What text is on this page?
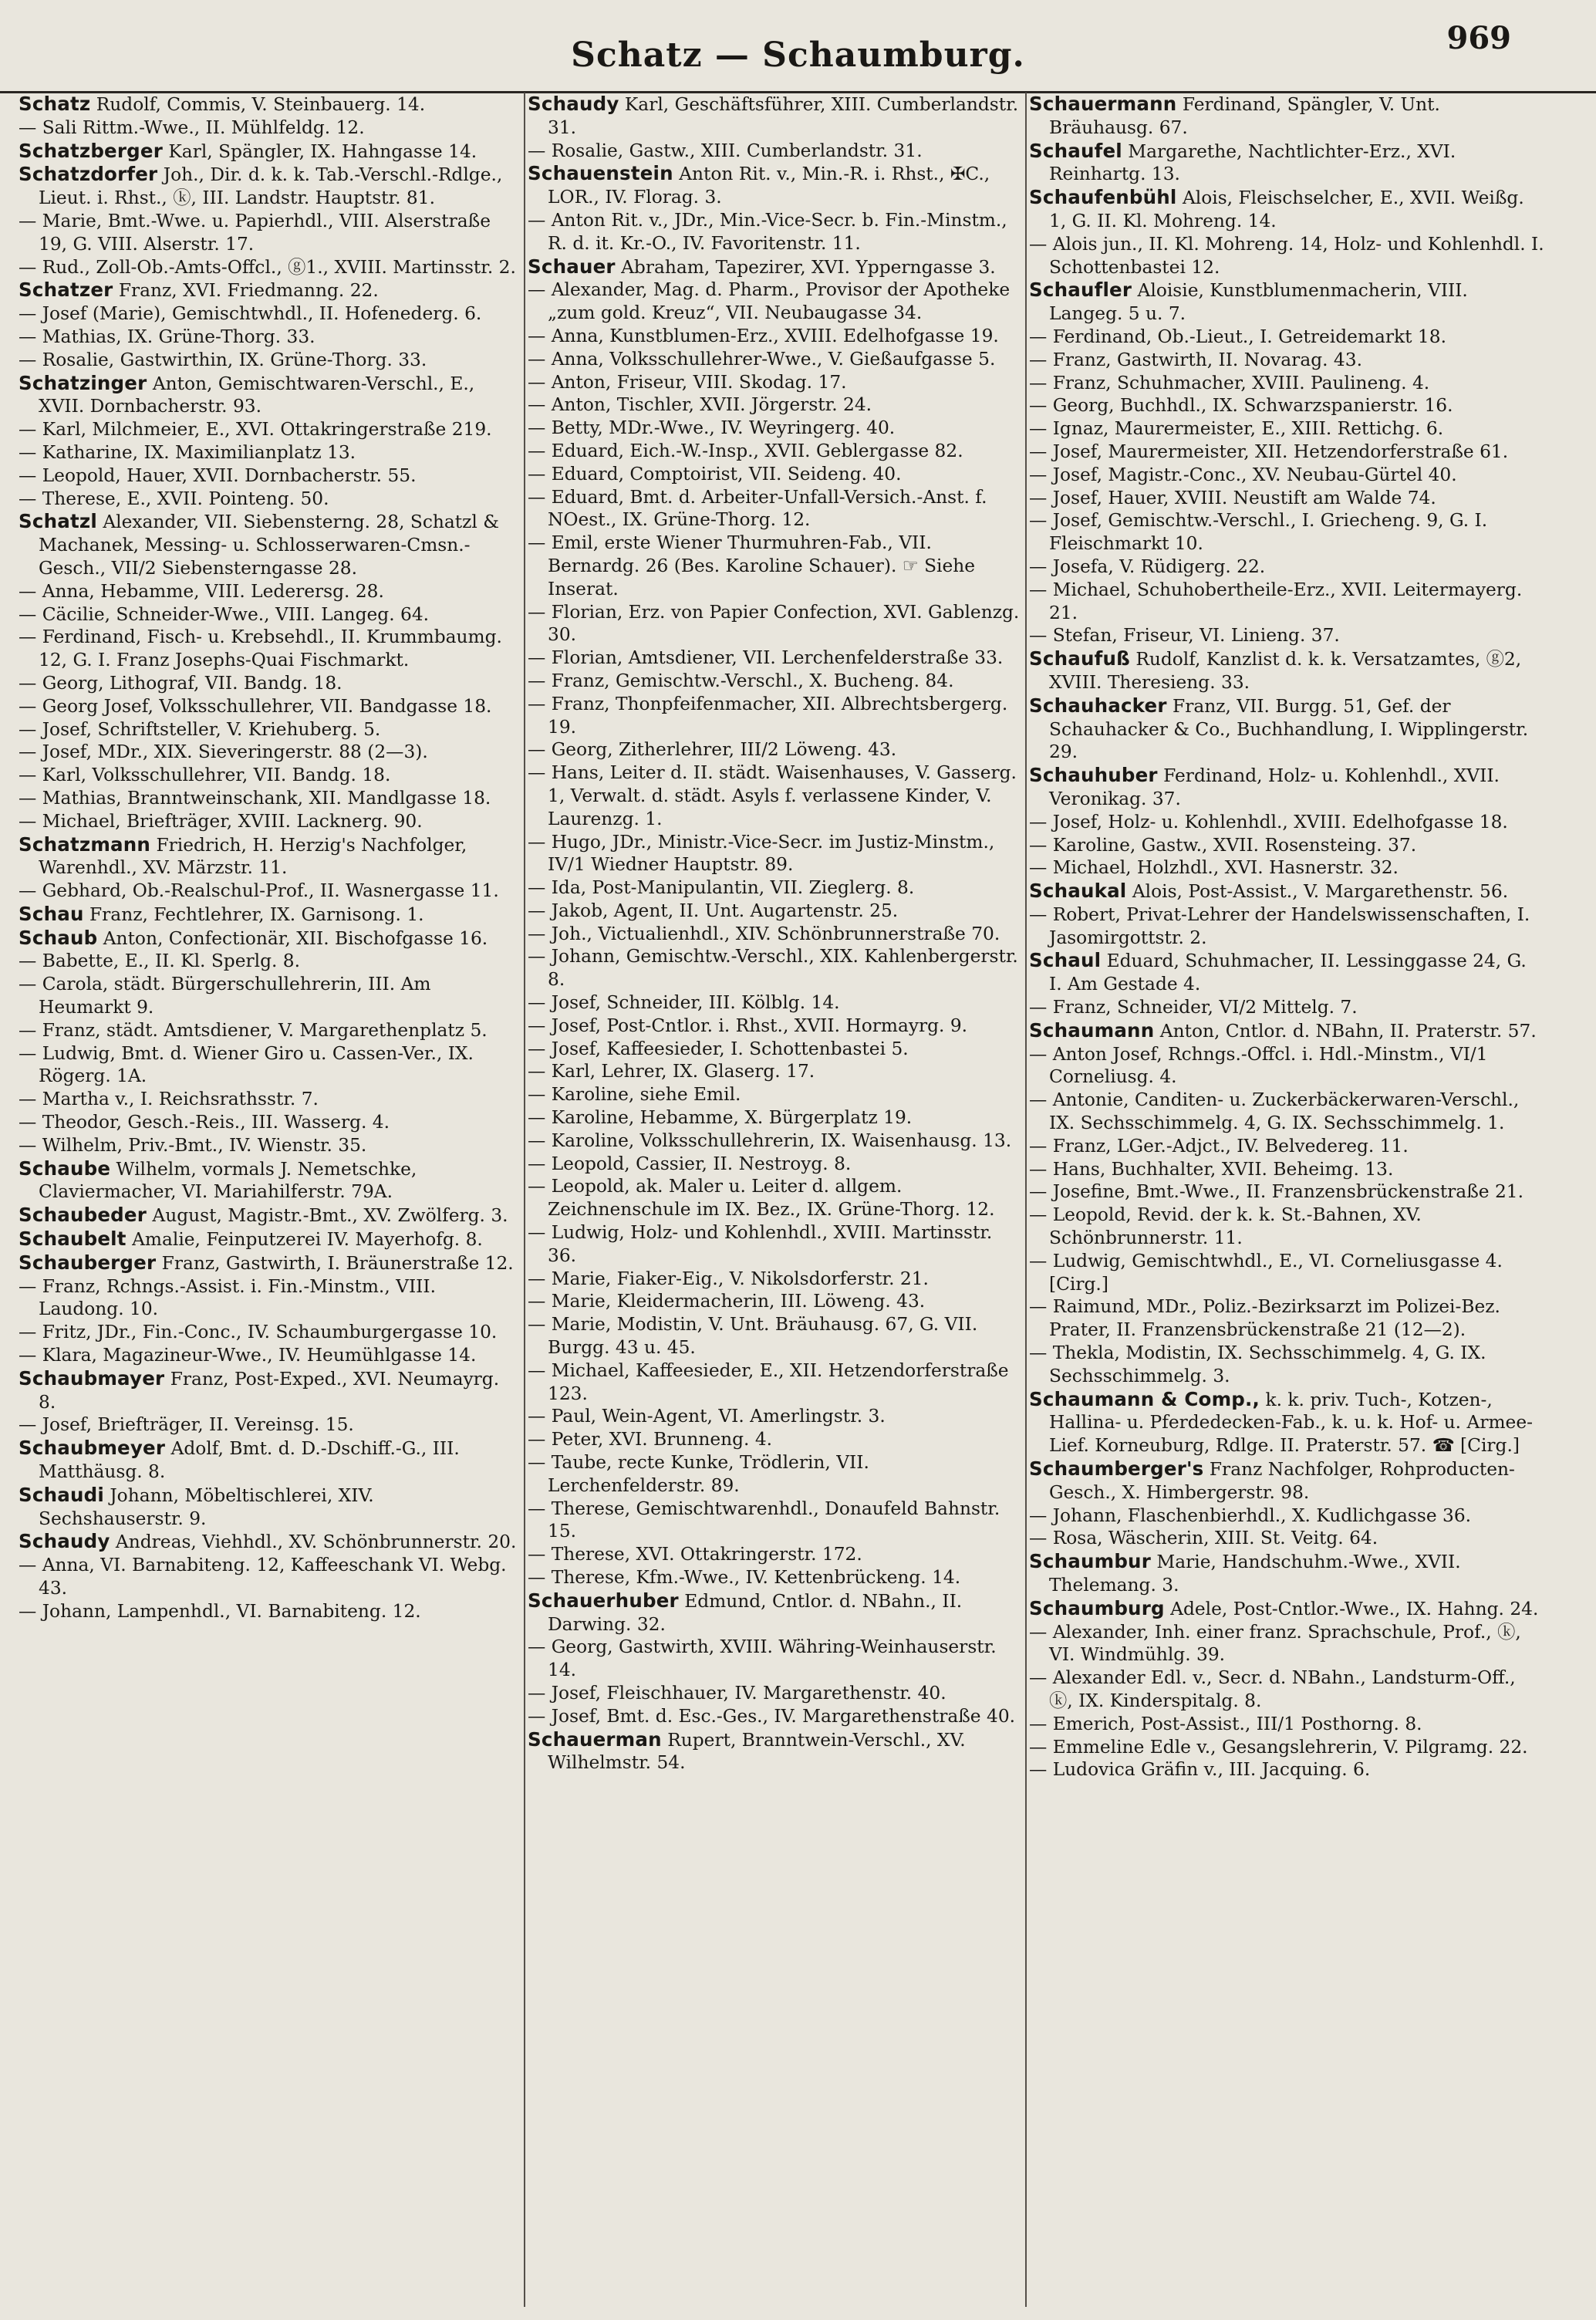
Schatz — Schaumburg.	969
Schatz Rudolf, Commis, V. Steinbauerg. 14.
— Sali Rittm.-Wwe., II. Mühlfeldg. 12.
Schatzberger Karl, Spängler, IX. Hahngasse 14.
Schatzdorfer Joh., Dir. d. k. k. Tab.-Verschl.-Rdlge., Lieut. i. Rhst., ⓚ, III. Landstr. Hauptstr. 81.
— Marie, Bmt.-Wwe. u. Papierhdl., VIII. Alserstraße 19, G. VIII. Alserstr. 17.
— Rud., Zoll-Ob.-Amts-Offcl., ⓖ1., XVIII. Martinsstr. 2.
Schatzer Franz, XVI. Friedmanng. 22.
— Josef (Marie), Gemischtwhdl., II. Hofenederg. 6.
— Mathias, IX. Grüne-Thorg. 33.
— Rosalie, Gastwirthin, IX. Grüne-Thorg. 33.
Schatzinger Anton, Gemischtwaren-Verschl., E., XVII. Dornbacherstr. 93.
— Karl, Milchmeier, E., XVI. Ottakringerstraße 219.
— Katharine, IX. Maximilianplatz 13.
— Leopold, Hauer, XVII. Dornbacherstr. 55.
— Therese, E., XVII. Pointeng. 50.
Schatzl Alexander, VII. Siebensterng. 28, Schatzl & Machanek, Messing- u. Schlosserwaren-Cmsn.-Gesch., VII/2 Siebensterngasse 28.
— Anna, Hebamme, VIII. Lederersg. 28.
— Cäcilie, Schneider-Wwe., VIII. Langeg. 64.
— Ferdinand, Fisch- u. Krebsehdl., II. Krummbaumg. 12, G. I. Franz Josephs-Quai Fischmarkt.
— Georg, Lithograf, VII. Bandg. 18.
— Georg Josef, Volksschullehrer, VII. Bandgasse 18.
— Josef, Schriftsteller, V. Kriehuberg. 5.
— Josef, MDr., XIX. Sieveringerstr. 88 (2—3).
— Karl, Volksschullehrer, VII. Bandg. 18.
— Mathias, Branntweinschank, XII. Mandlgasse 18.
— Michael, Briefträger, XVIII. Lacknerg. 90.
Schatzmann Friedrich, H. Herzig's Nachfolger, Warenhdl., XV. Märzstr. 11.
— Gebhard, Ob.-Realschul-Prof., II. Wasnergasse 11.
Schau Franz, Fechtlehrer, IX. Garnisong. 1.
Schaub Anton, Confectionär, XII. Bischofgasse 16.
— Babette, E., II. Kl. Sperlg. 8.
— Carola, städt. Bürgerschullehrerin, III. Am Heumarkt 9.
— Franz, städt. Amtsdiener, V. Margarethenplatz 5.
— Ludwig, Bmt. d. Wiener Giro u. Cassen-Ver., IX. Rögerg. 1A.
— Martha v., I. Reichsrathsstr. 7.
— Theodor, Gesch.-Reis., III. Wasserg. 4.
— Wilhelm, Priv.-Bmt., IV. Wienstr. 35.
Schaube Wilhelm, vormals J. Nemetschke, Claviermacher, VI. Mariahilferstr. 79A.
Schaubeder August, Magistr.-Bmt., XV. Zwölferg. 3.
Schaubelt Amalie, Feinputzerei IV. Mayerhofg. 8.
Schauberger Franz, Gastwirth, I. Bräunerstraße 12.
— Franz, Rchngs.-Assist. i. Fin.-Minstm., VIII. Laudong. 10.
— Fritz, JDr., Fin.-Conc., IV. Schaumburgergasse 10.
— Klara, Magazineur-Wwe., IV. Heumühlgasse 14.
Schaubmayer Franz, Post-Exped., XVI. Neumayrg. 8.
— Josef, Briefträger, II. Vereinsg. 15.
Schaubmeyer Adolf, Bmt. d. D.-Dschiff.-G., III. Matthäusg. 8.
Schaudi Johann, Möbeltischlerei, XIV. Sechshauserstr. 9.
Schaudy Andreas, Viehhdl., XV. Schönbrunnerstr. 20.
— Anna, VI. Barnabiteng. 12, Kaffeeschank VI. Webg. 43.
— Johann, Lampenhdl., VI. Barnabiteng. 12.
Schaudy Karl, Geschäftsführer, XIII. Cumberlandstr. 31.
— Rosalie, Gastw., XIII. Cumberlandstr. 31.
Schauenstein Anton Rit. v., Min.-R. i. Rhst., ✠C., LOR., IV. Florag. 3.
— Anton Rit. v., JDr., Min.-Vice-Secr. b. Fin.-Minstm., R. d. it. Kr.-O., IV. Favoritenstr. 11.
Schauer Abraham, Tapezirer, XVI. Ypperngasse 3.
— Alexander, Mag. d. Pharm., Provisor der Apotheke „zum gold. Kreuz“, VII. Neubaugasse 34.
— Anna, Kunstblumen-Erz., XVIII. Edelhofgasse 19.
— Anna, Volksschullehrer-Wwe., V. Gießaufgasse 5.
— Anton, Friseur, VIII. Skodag. 17.
— Anton, Tischler, XVII. Jörgerstr. 24.
— Betty, MDr.-Wwe., IV. Weyringerg. 40.
— Eduard, Eich.-W.-Insp., XVII. Geblergasse 82.
— Eduard, Comptoirist, VII. Seideng. 40.
— Eduard, Bmt. d. Arbeiter-Unfall-Versich.-Anst. f. NOest., IX. Grüne-Thorg. 12.
— Emil, erste Wiener Thurmuhren-Fab., VII. Bernardg. 26 (Bes. Karoline Schauer). ☞ Siehe Inserat.
— Florian, Erz. von Papier Confection, XVI. Gablenzg. 30.
— Florian, Amtsdiener, VII. Lerchenfelderstraße 33.
— Franz, Gemischtw.-Verschl., X. Bucheng. 84.
— Franz, Thonpfeifenmacher, XII. Albrechtsbergerg. 19.
— Georg, Zitherlehrer, III/2 Löweng. 43.
— Hans, Leiter d. II. städt. Waisenhauses, V. Gasserg. 1, Verwalt. d. städt. Asyls f. verlassene Kinder, V. Laurenzg. 1.
— Hugo, JDr., Ministr.-Vice-Secr. im Justiz-Minstm., IV/1 Wiedner Hauptstr. 89.
— Ida, Post-Manipulantin, VII. Zieglerg. 8.
— Jakob, Agent, II. Unt. Augartenstr. 25.
— Joh., Victualienhdl., XIV. Schönbrunnerstraße 70.
— Johann, Gemischtw.-Verschl., XIX. Kahlenbergerstr. 8.
— Josef, Schneider, III. Kölblg. 14.
— Josef, Post-Cntlor. i. Rhst., XVII. Hormayrg. 9.
— Josef, Kaffeesieder, I. Schottenbastei 5.
— Karl, Lehrer, IX. Glaserg. 17.
— Karoline, siehe Emil.
— Karoline, Hebamme, X. Bürgerplatz 19.
— Karoline, Volksschullehrerin, IX. Waisenhausg. 13.
— Leopold, Cassier, II. Nestroyg. 8.
— Leopold, ak. Maler u. Leiter d. allgem. Zeichnenschule im IX. Bez., IX. Grüne-Thorg. 12.
— Ludwig, Holz- und Kohlenhdl., XVIII. Martinsstr. 36.
— Marie, Fiaker-Eig., V. Nikolsdorferstr. 21.
— Marie, Kleidermacherin, III. Löweng. 43.
— Marie, Modistin, V. Unt. Bräuhausg. 67, G. VII. Burgg. 43 u. 45.
— Michael, Kaffeesieder, E., XII. Hetzendorferstraße 123.
— Paul, Wein-Agent, VI. Amerlingstr. 3.
— Peter, XVI. Brunneng. 4.
— Taube, recte Kunke, Trödlerin, VII. Lerchenfelderstr. 89.
— Therese, Gemischtwarenhdl., Donaufeld Bahnstr. 15.
— Therese, XVI. Ottakringerstr. 172.
— Therese, Kfm.-Wwe., IV. Kettenbrückeng. 14.
Schauerhuber Edmund, Cntlor. d. NBahn., II. Darwing. 32.
— Georg, Gastwirth, XVIII. Währing-Weinhauserstr. 14.
— Josef, Fleischhauer, IV. Margarethenstr. 40.
— Josef, Bmt. d. Esc.-Ges., IV. Margarethenstraße 40.
Schauerman Rupert, Branntwein-Verschl., XV. Wilhelmstr. 54.
Schauermann Ferdinand, Spängler, V. Unt. Bräuhausg. 67.
Schaufel Margarethe, Nachtlichter-Erz., XVI. Reinhartg. 13.
Schaufenbühl Alois, Fleischselcher, E., XVII. Weißg. 1, G. II. Kl. Mohreng. 14.
— Alois jun., II. Kl. Mohreng. 14, Holz- und Kohlenhdl. I. Schottenbastei 12.
Schaufler Aloisie, Kunstblumenmacherin, VIII. Langeg. 5 u. 7.
— Ferdinand, Ob.-Lieut., I. Getreidemarkt 18.
— Franz, Gastwirth, II. Novarag. 43.
— Franz, Schuhmacher, XVIII. Paulineng. 4.
— Georg, Buchhdl., IX. Schwarzspanierstr. 16.
— Ignaz, Maurermeister, E., XIII. Rettichg. 6.
— Josef, Maurermeister, XII. Hetzendorferstraße 61.
— Josef, Magistr.-Conc., XV. Neubau-Gürtel 40.
— Josef, Hauer, XVIII. Neustift am Walde 74.
— Josef, Gemischtw.-Verschl., I. Griecheng. 9, G. I. Fleischmarkt 10.
— Josefa, V. Rüdigerg. 22.
— Michael, Schuhobertheile-Erz., XVII. Leitermayerg. 21.
— Stefan, Friseur, VI. Linieng. 37.
Schaufuß Rudolf, Kanzlist d. k. k. Versatzamtes, ⓖ2, XVIII. Theresieng. 33.
Schauhacker Franz, VII. Burgg. 51, Gef. der Schauhacker & Co., Buchhandlung, I. Wipplingerstr. 29.
Schauhuber Ferdinand, Holz- u. Kohlenhdl., XVII. Veronikag. 37.
— Josef, Holz- u. Kohlenhdl., XVIII. Edelhofgasse 18.
— Karoline, Gastw., XVII. Rosensteing. 37.
— Michael, Holzhdl., XVI. Hasnerstr. 32.
Schaukal Alois, Post-Assist., V. Margarethenstr. 56.
— Robert, Privat-Lehrer der Handelswissenschaften, I. Jasomirgottstr. 2.
Schaul Eduard, Schuhmacher, II. Lessinggasse 24, G. I. Am Gestade 4.
— Franz, Schneider, VI/2 Mittelg. 7.
Schaumann Anton, Cntlor. d. NBahn, II. Praterstr. 57.
— Anton Josef, Rchngs.-Offcl. i. Hdl.-Minstm., VI/1 Corneliusg. 4.
— Antonie, Canditen- u. Zuckerbäckerwaren-Verschl., IX. Sechsschimmelg. 4, G. IX. Sechsschimmelg. 1.
— Franz, LGer.-Adjct., IV. Belvedereg. 11.
— Hans, Buchhalter, XVII. Beheimg. 13.
— Josefine, Bmt.-Wwe., II. Franzensbrückenstraße 21.
— Leopold, Revid. der k. k. St.-Bahnen, XV. Schönbrunnerstr. 11.
— Ludwig, Gemischtwhdl., E., VI. Corneliusgasse 4. [Cirg.]
— Raimund, MDr., Poliz.-Bezirksarzt im Polizei-Bez. Prater, II. Franzensbrückenstraße 21 (12—2).
— Thekla, Modistin, IX. Sechsschimmelg. 4, G. IX. Sechsschimmelg. 3.
Schaumann & Comp., k. k. priv. Tuch-, Kotzen-, Hallina- u. Pferdedecken-Fab., k. u. k. Hof- u. Armee-Lief. Korneuburg, Rdlge. II. Praterstr. 57. ☎ [Cirg.]
Schaumberger's Franz Nachfolger, Rohproducten-Gesch., X. Himbergerstr. 98.
— Johann, Flaschenbierhdl., X. Kudlichgasse 36.
— Rosa, Wäscherin, XIII. St. Veitg. 64.
Schaumbur Marie, Handschuhm.-Wwe., XVII. Thelemang. 3.
Schaumburg Adele, Post-Cntlor.-Wwe., IX. Hahng. 24.
— Alexander, Inh. einer franz. Sprachschule, Prof., ⓚ, VI. Windmühlg. 39.
— Alexander Edl. v., Secr. d. NBahn., Landsturm-Off., ⓚ, IX. Kinderspitalg. 8.
— Emerich, Post-Assist., III/1 Posthorng. 8.
— Emmeline Edle v., Gesangslehrerin, V. Pilgramg. 22.
— Ludovica Gräfin v., III. Jacquing. 6.
